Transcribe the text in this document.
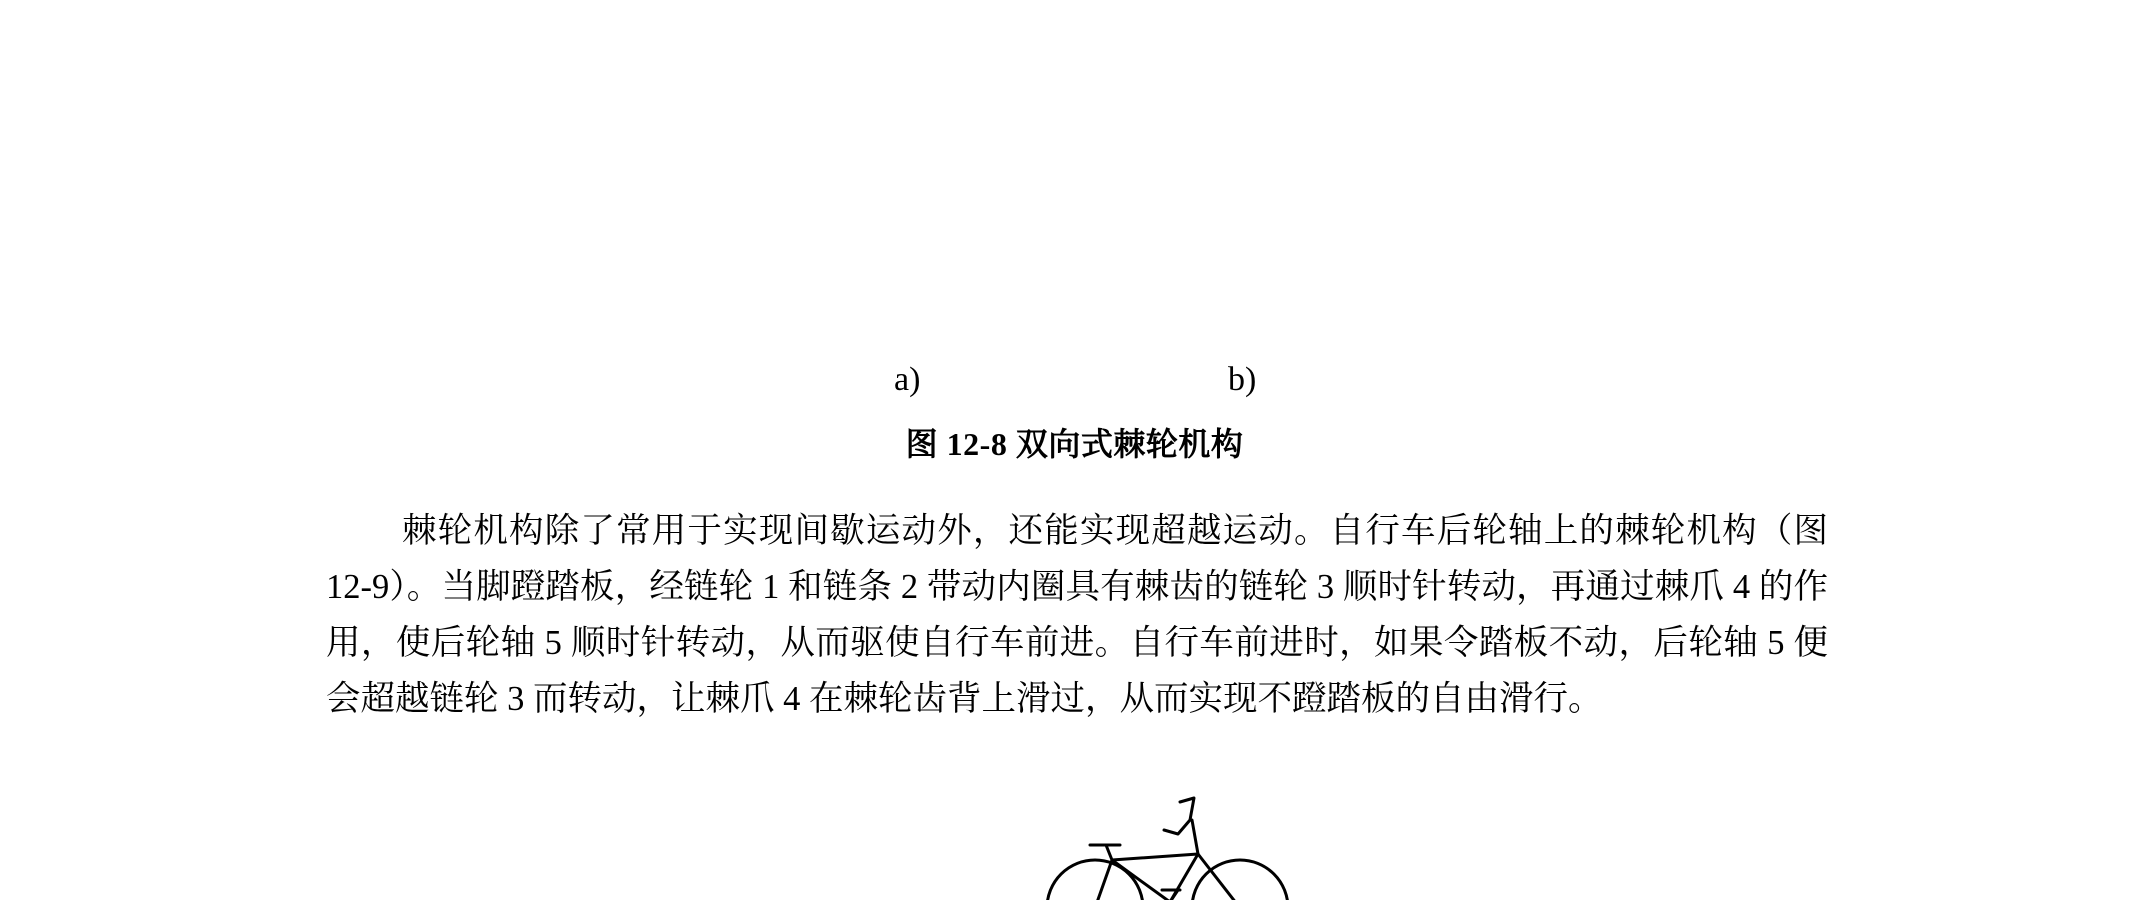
a)	b)
图 12-8 双向式棘轮机构

棘轮机构除了常用于实现间歇运动外，还能实现超越运动。自行车后轮轴上的棘轮机构（图 12-9）。当脚蹬踏板，经链轮 1 和链条 2 带动内圈具有棘齿的链轮 3 顺时针转动，再通过棘爪 4 的作用，使后轮轴 5 顺时针转动，从而驱使自行车前进。自行车前进时，如果令踏板不动，后轮轴 5 便会超越链轮 3 而转动，让棘爪 4 在棘轮齿背上滑过，从而实现不蹬踏板的自由滑行。
